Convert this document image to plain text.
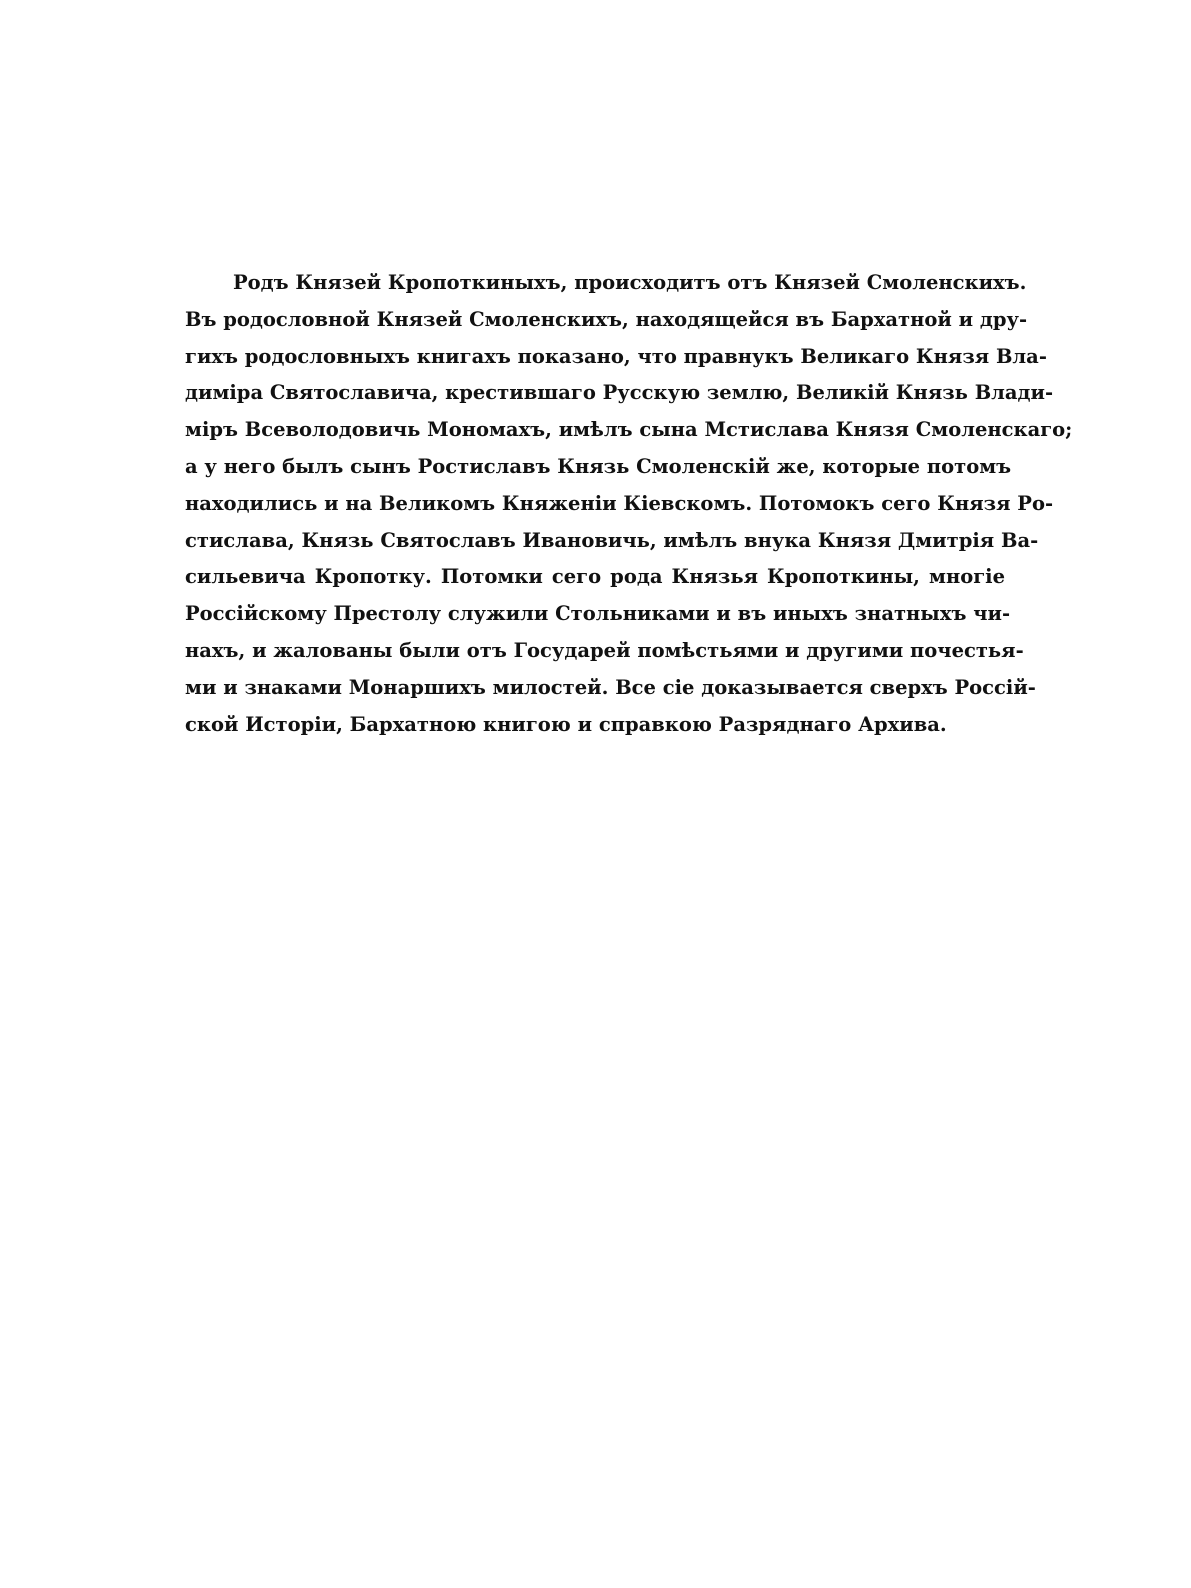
Родъ Князей Кропоткиныхъ, происходитъ отъ Князей Смоленскихъ.
Въ родословной Князей Смоленскихъ, находящейся въ Бархатной и дру-
гихъ родословныхъ книгахъ показано, что правнукъ Великаго Князя Вла-
диміра Святославича, крестившаго Русскую землю, Великій Князь Влади-
міръ Всеволодовичь Мономахъ, имѣлъ сына Мстислава Князя Смоленскаго;
а у него былъ сынъ Ростиславъ Князь Смоленскій же, которые потомъ
находились и на Великомъ Княженіи Кіевскомъ. Потомокъ сего Князя Ро-
стислава, Князь Святославъ Ивановичь, имѣлъ внука Князя Дмитрія Ва-
сильевича Кропотку. Потомки сего рода Князья Кропоткины, многіе
Россійскому Престолу служили Стольниками и въ иныхъ знатныхъ чи-
нахъ, и жалованы были отъ Государей помѣстьями и другими почестья-
ми и знаками Монаршихъ милостей. Все сіе доказывается сверхъ Росcій-
ской Исторіи, Бархатною книгою и справкою Разряднаго Архива.
